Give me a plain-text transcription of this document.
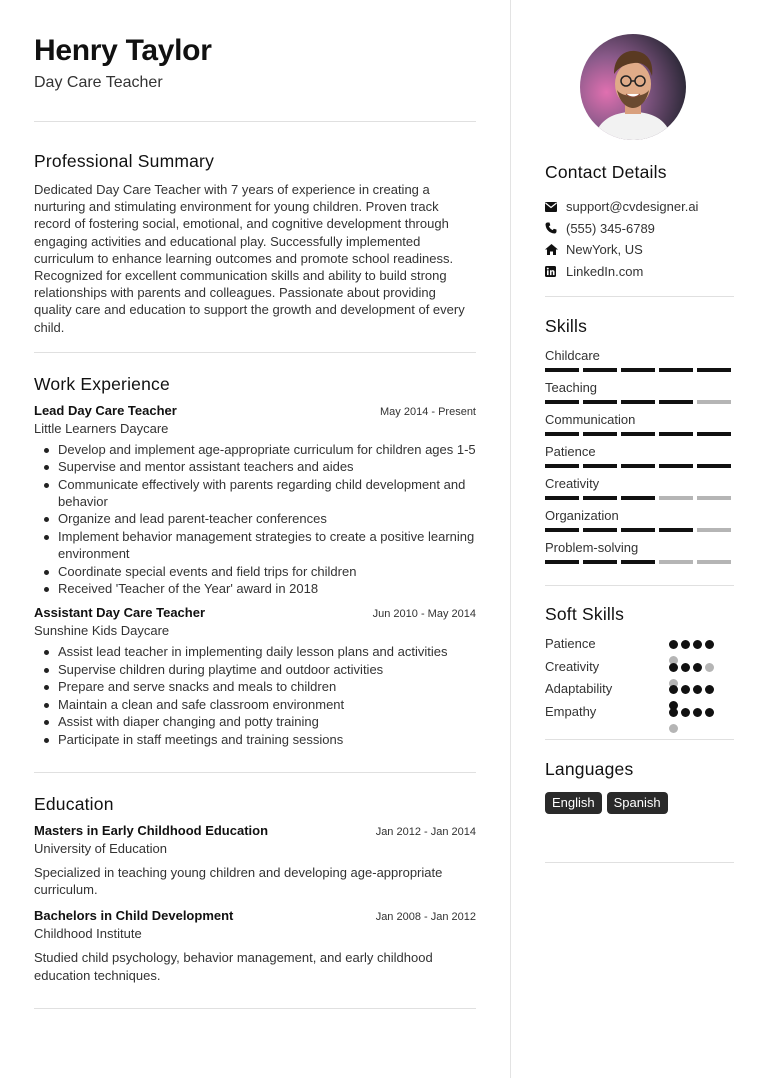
Henry Taylor
Day Care Teacher
Professional Summary
Dedicated Day Care Teacher with 7 years of experience in creating a nurturing and stimulating environment for young children. Proven track record of fostering social, emotional, and cognitive development through engaging activities and educational play. Successfully implemented curriculum to enhance learning outcomes and promote school readiness. Recognized for excellent communication skills and ability to build strong relationships with parents and colleagues. Passionate about providing quality care and education to support the growth and development of every child.
Work Experience
Lead Day Care Teacher	May 2014 - Present
Little Learners Daycare
Develop and implement age-appropriate curriculum for children ages 1-5
Supervise and mentor assistant teachers and aides
Communicate effectively with parents regarding child development and behavior
Organize and lead parent-teacher conferences
Implement behavior management strategies to create a positive learning environment
Coordinate special events and field trips for children
Received 'Teacher of the Year' award in 2018
Assistant Day Care Teacher	Jun 2010 - May 2014
Sunshine Kids Daycare
Assist lead teacher in implementing daily lesson plans and activities
Supervise children during playtime and outdoor activities
Prepare and serve snacks and meals to children
Maintain a clean and safe classroom environment
Assist with diaper changing and potty training
Participate in staff meetings and training sessions
Education
Masters in Early Childhood Education	Jan 2012 - Jan 2014
University of Education
Specialized in teaching young children and developing age-appropriate curriculum.
Bachelors in Child Development	Jan 2008 - Jan 2012
Childhood Institute
Studied child psychology, behavior management, and early childhood education techniques.
Contact Details
support@cvdesigner.ai
(555) 345-6789
NewYork, US
LinkedIn.com
Skills
Childcare
Teaching
Communication
Patience
Creativity
Organization
Problem-solving
Soft Skills
Patience
Creativity
Adaptability
Empathy
Languages
English	Spanish
